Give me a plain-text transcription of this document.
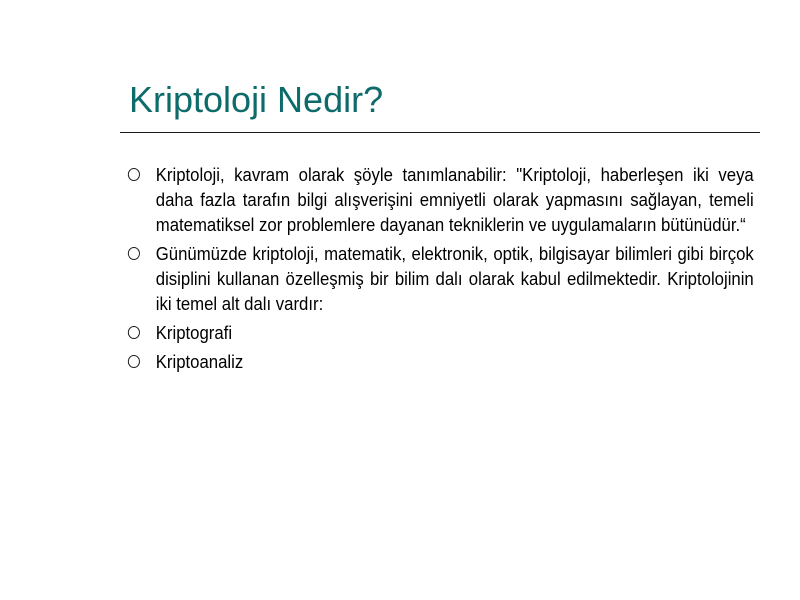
Kriptoloji Nedir?
Kriptoloji, kavram olarak şöyle tanımlanabilir: "Kriptoloji, haberleşen iki veya daha fazla tarafın bilgi alışverişini emniyetli olarak yapmasını sağlayan, temeli matematiksel zor problemlere dayanan tekniklerin ve uygulamaların bütünüdür.“
Günümüzde kriptoloji, matematik, elektronik, optik, bilgisayar bilimleri gibi birçok disiplini kullanan özelleşmiş bir bilim dalı olarak kabul edilmektedir. Kriptolojinin iki temel alt dalı vardır:
Kriptografi
Kriptoanaliz
